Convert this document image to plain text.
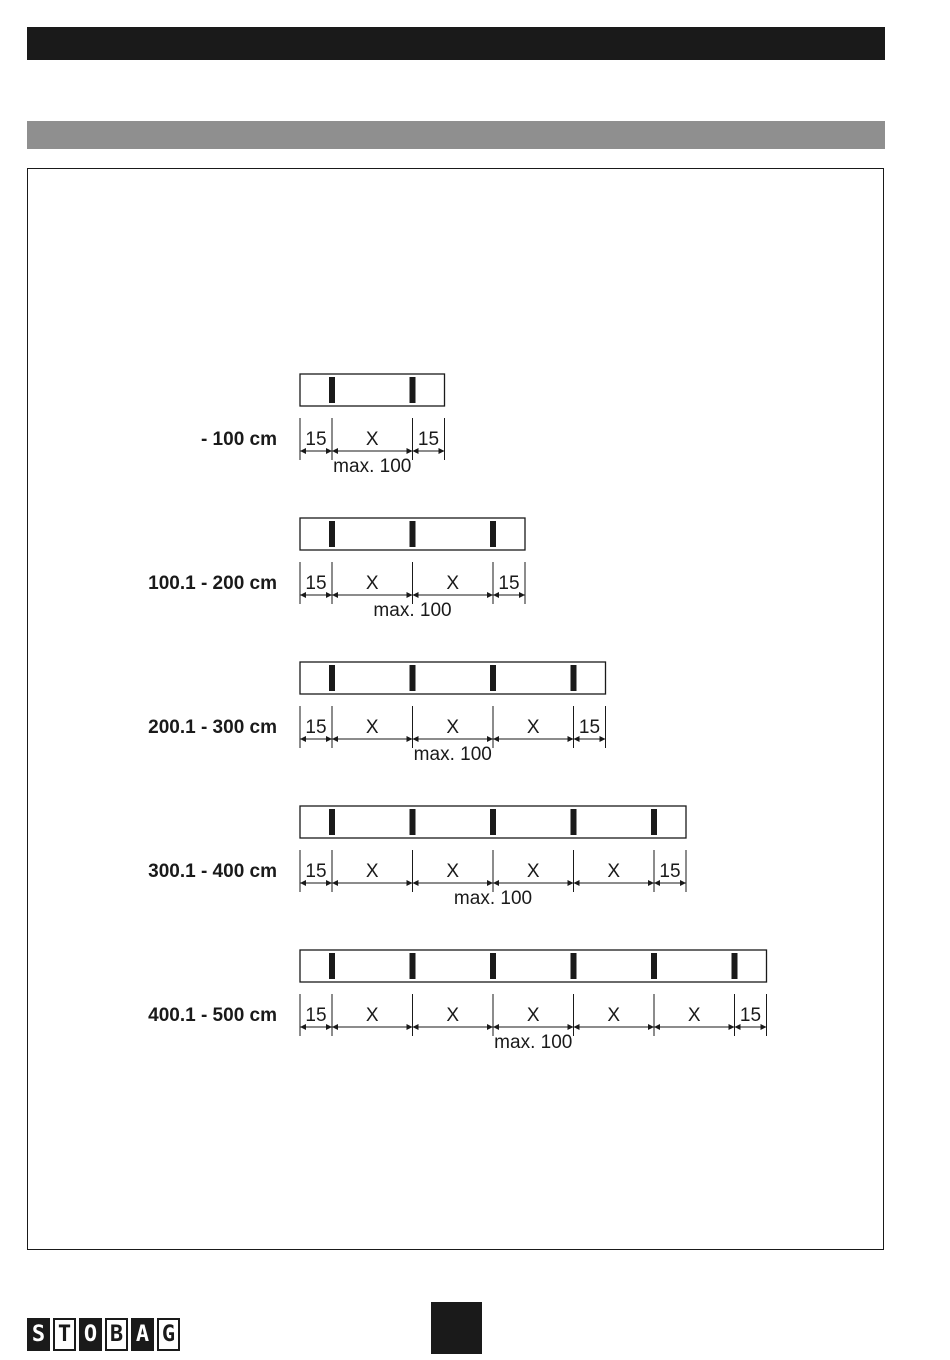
15 X 15
max. 100
- 100 cm
15 X	X 15
max. 100
100.1 - 200 cm
15 X	X	X 15
max. 100
200.1 - 300 cm
15 X	X	X	X 15
max. 100
300.1 - 400 cm
15 X	X	X	X	X 15
max. 100
400.1 - 500 cm
S T O B A G
